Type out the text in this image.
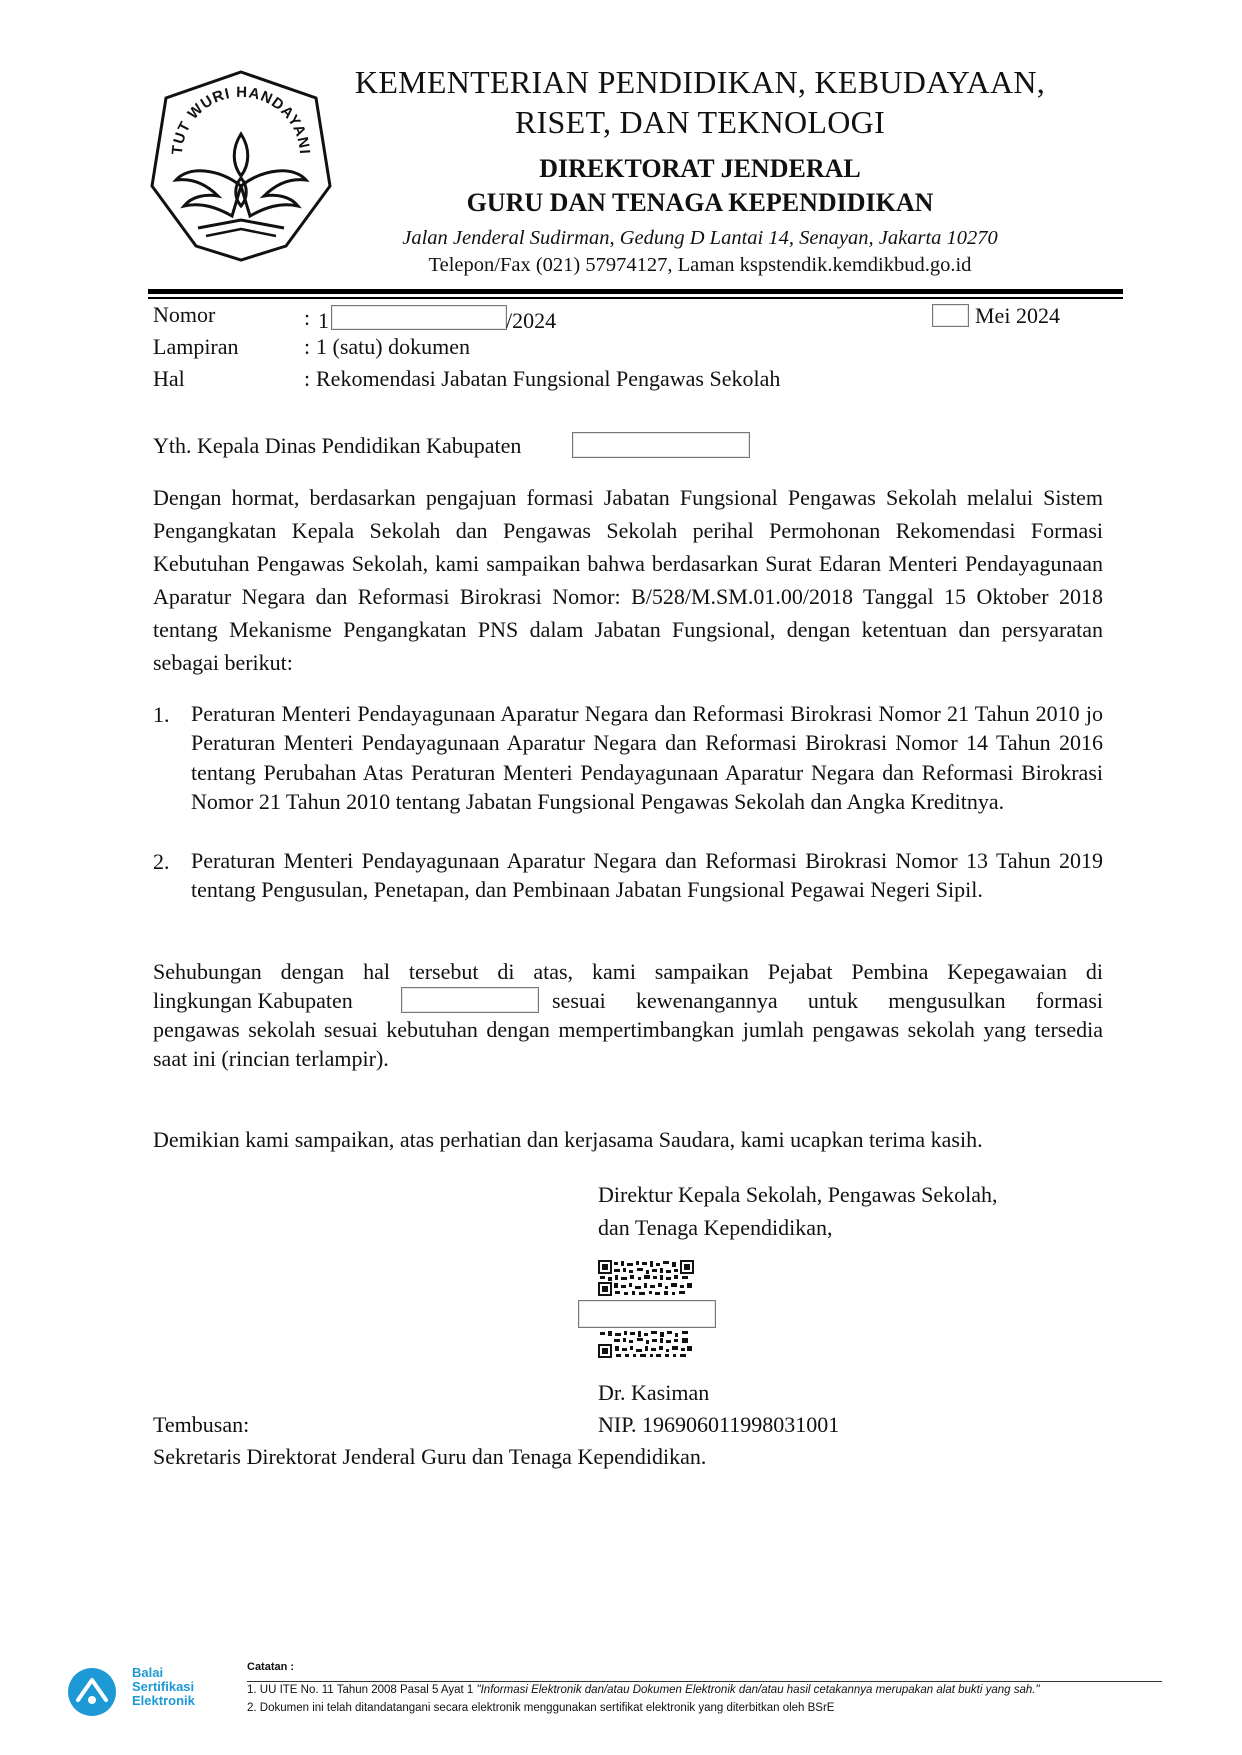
TUT WURI HANDAYANI
KEMENTERIAN PENDIDIKAN, KEBUDAYAAN,
RISET, DAN TEKNOLOGI
DIREKTORAT JENDERAL
GURU DAN TENAGA KEPENDIDIKAN
Jalan Jenderal Sudirman, Gedung D Lantai 14, Senayan, Jakarta 10270
Telepon/Fax (021) 57974127, Laman kspstendik.kemdikbud.go.id
Nomor	: 1	/2024	Mei 2024
Lampiran	: 1 (satu) dokumen
Hal	: Rekomendasi Jabatan Fungsional Pengawas Sekolah
Yth. Kepala Dinas Pendidikan Kabupaten
Dengan hormat, berdasarkan pengajuan formasi Jabatan Fungsional Pengawas Sekolah melalui Sistem Pengangkatan Kepala Sekolah dan Pengawas Sekolah perihal Permohonan Rekomendasi Formasi Kebutuhan Pengawas Sekolah, kami sampaikan bahwa berdasarkan Surat Edaran Menteri Pendayagunaan Aparatur Negara dan Reformasi Birokrasi Nomor: B/528/M.SM.01.00/2018 Tanggal 15 Oktober 2018 tentang Mekanisme Pengangkatan PNS dalam Jabatan Fungsional, dengan ketentuan dan persyaratan sebagai berikut:
1. Peraturan Menteri Pendayagunaan Aparatur Negara dan Reformasi Birokrasi Nomor 21 Tahun 2010 jo Peraturan Menteri Pendayagunaan Aparatur Negara dan Reformasi Birokrasi Nomor 14 Tahun 2016 tentang Perubahan Atas Peraturan Menteri Pendayagunaan Aparatur Negara dan Reformasi Birokrasi Nomor 21 Tahun 2010 tentang Jabatan Fungsional Pengawas Sekolah dan Angka Kreditnya.
2. Peraturan Menteri Pendayagunaan Aparatur Negara dan Reformasi Birokrasi Nomor 13 Tahun 2019 tentang Pengusulan, Penetapan, dan Pembinaan Jabatan Fungsional Pegawai Negeri Sipil.
Sehubungan dengan hal tersebut di atas, kami sampaikan Pejabat Pembina Kepegawaian di
lingkungan Kabupaten	sesuai kewenangannya untuk mengusulkan formasi
pengawas sekolah sesuai kebutuhan dengan mempertimbangkan jumlah pengawas sekolah yang tersedia saat ini (rincian terlampir).
Demikian kami sampaikan, atas perhatian dan kerjasama Saudara, kami ucapkan terima kasih.
Direktur Kepala Sekolah, Pengawas Sekolah,
dan Tenaga Kependidikan,
Dr. Kasiman
Tembusan:	NIP. 196906011998031001
Sekretaris Direktorat Jenderal Guru dan Tenaga Kependidikan.
Balai
Sertifikasi
Elektronik
Catatan :
1. UU ITE No. 11 Tahun 2008 Pasal 5 Ayat 1 "Informasi Elektronik dan/atau Dokumen Elektronik dan/atau hasil cetakannya merupakan alat bukti yang sah."
2. Dokumen ini telah ditandatangani secara elektronik menggunakan sertifikat elektronik yang diterbitkan oleh BSrE
